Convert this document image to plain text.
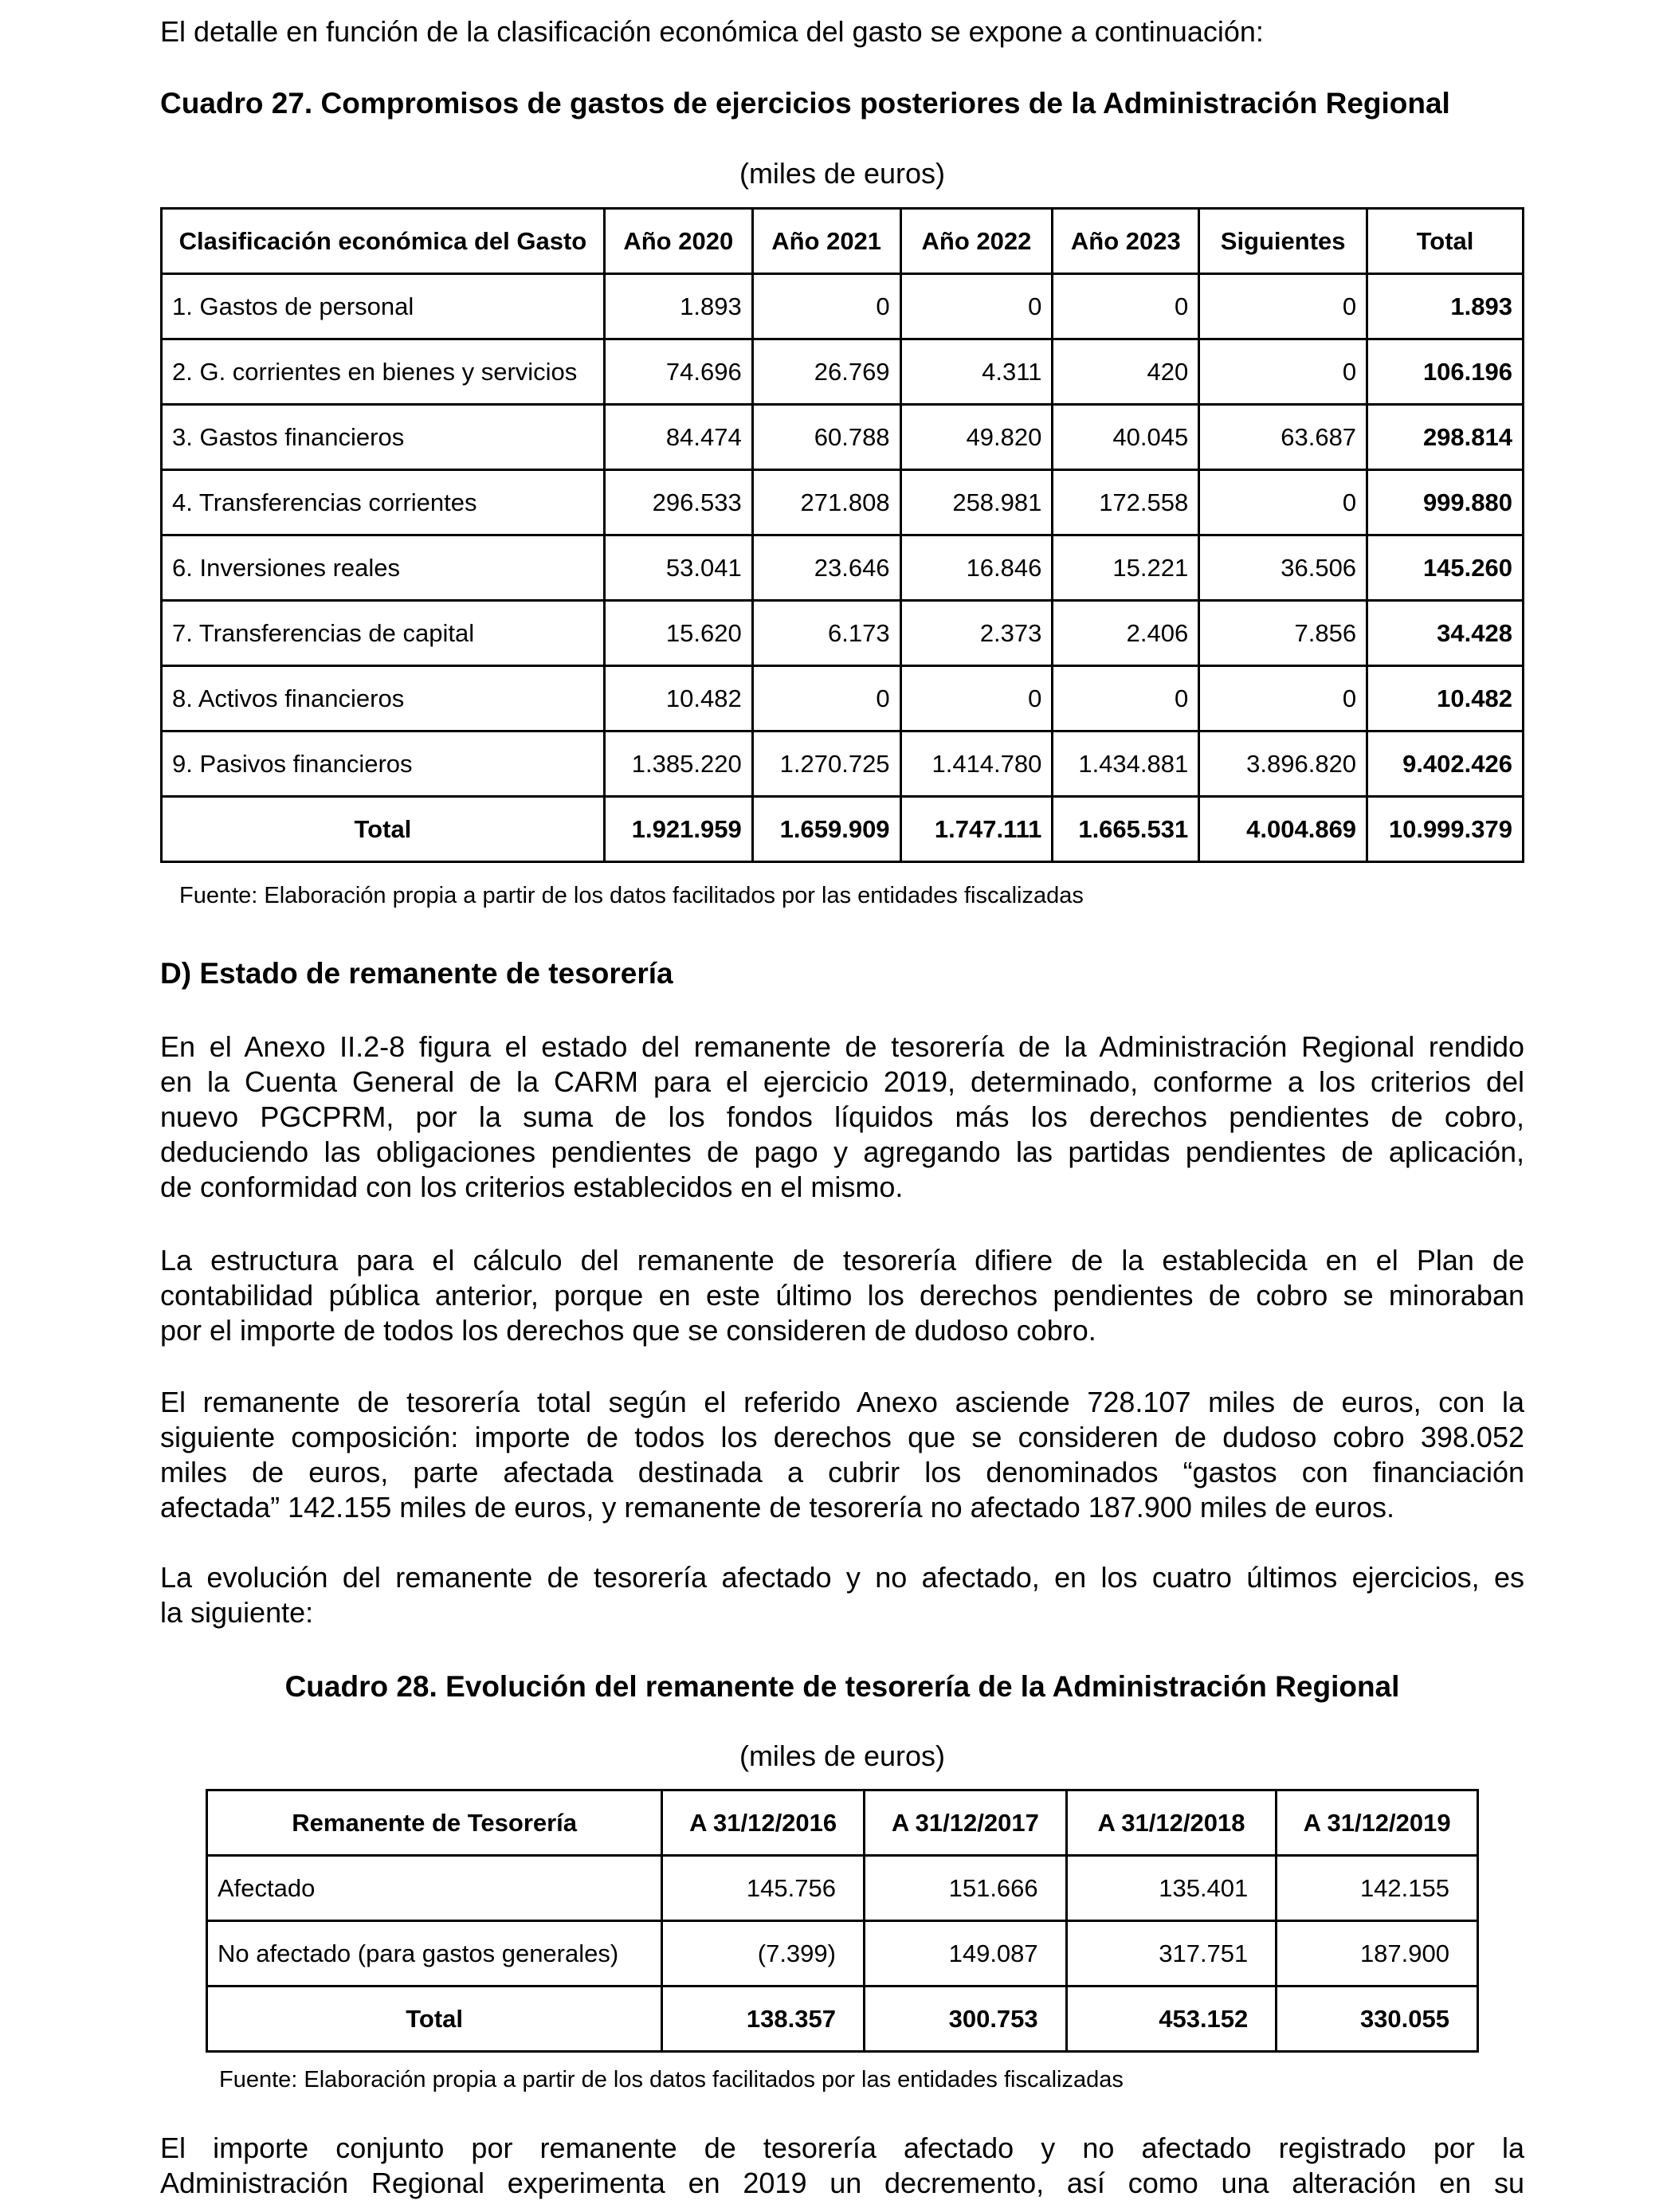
El detalle en función de la clasificación económica del gasto se expone a continuación:

Cuadro 27. Compromisos de gastos de ejercicios posteriores de la Administración Regional
(miles de euros)
Clasificación económica del Gasto	Año 2020	Año 2021	Año 2022	Año 2023	Siguientes	Total
1. Gastos de personal	1.893	0	0	0	0	1.893
2. G. corrientes en bienes y servicios	74.696	26.769	4.311	420	0	106.196
3. Gastos financieros	84.474	60.788	49.820	40.045	63.687	298.814
4. Transferencias corrientes	296.533	271.808	258.981	172.558	0	999.880
6. Inversiones reales	53.041	23.646	16.846	15.221	36.506	145.260
7. Transferencias de capital	15.620	6.173	2.373	2.406	7.856	34.428
8. Activos financieros	10.482	0	0	0	0	10.482
9. Pasivos financieros	1.385.220	1.270.725	1.414.780	1.434.881	3.896.820	9.402.426
Total	1.921.959	1.659.909	1.747.111	1.665.531	4.004.869	10.999.379
Fuente: Elaboración propia a partir de los datos facilitados por las entidades fiscalizadas
D) Estado de remanente de tesorería

En el Anexo II.2-8 figura el estado del remanente de tesorería de la Administración Regional rendido

en la Cuenta General de la CARM para el ejercicio 2019, determinado, conforme a los criterios del

nuevo PGCPRM, por la suma de los fondos líquidos más los derechos pendientes de cobro,

deduciendo las obligaciones pendientes de pago y agregando las partidas pendientes de aplicación,

de conformidad con los criterios establecidos en el mismo.

La estructura para el cálculo del remanente de tesorería difiere de la establecida en el Plan de

contabilidad pública anterior, porque en este último los derechos pendientes de cobro se minoraban

por el importe de todos los derechos que se consideren de dudoso cobro.

El remanente de tesorería total según el referido Anexo asciende 728.107 miles de euros, con la

siguiente composición: importe de todos los derechos que se consideren de dudoso cobro 398.052

miles de euros, parte afectada destinada a cubrir los denominados “gastos con financiación

afectada” 142.155 miles de euros, y remanente de tesorería no afectado 187.900 miles de euros.

La evolución del remanente de tesorería afectado y no afectado, en los cuatro últimos ejercicios, es

la siguiente:

Cuadro 28. Evolución del remanente de tesorería de la Administración Regional
(miles de euros)
Remanente de Tesorería	A 31/12/2016	A 31/12/2017	A 31/12/2018	A 31/12/2019
Afectado	145.756	151.666	135.401	142.155
No afectado (para gastos generales)	(7.399)	149.087	317.751	187.900
Total	138.357	300.753	453.152	330.055
Fuente: Elaboración propia a partir de los datos facilitados por las entidades fiscalizadas

El importe conjunto por remanente de tesorería afectado y no afectado registrado por la

Administración Regional experimenta en 2019 un decremento, así como una alteración en su
